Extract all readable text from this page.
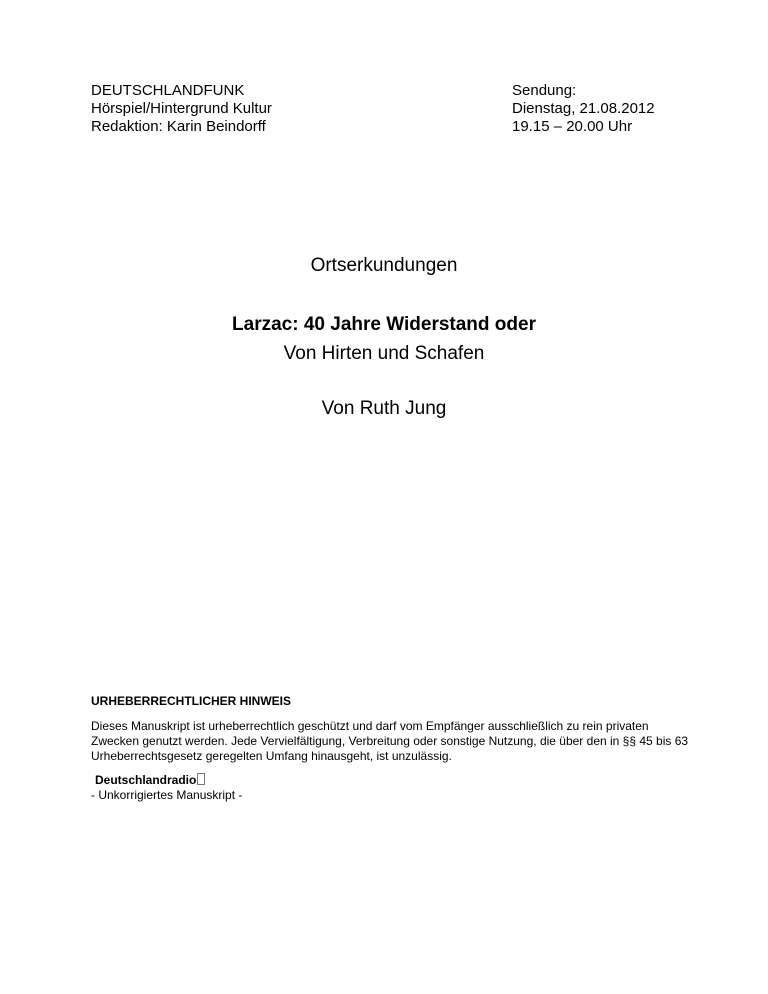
DEUTSCHLANDFUNK
Hörspiel/Hintergrund Kultur
Redaktion: Karin Beindorff
Sendung:
Dienstag, 21.08.2012
19.15 – 20.00 Uhr
Ortserkundungen
Larzac: 40 Jahre Widerstand oder
Von Hirten und Schafen
Von Ruth Jung

URHEBERRECHTLICHER HINWEIS

Dieses Manuskript ist urheberrechtlich geschützt und darf vom Empfänger ausschließlich zu rein privaten Zwecken genutzt werden. Jede Vervielfältigung, Verbreitung oder sonstige Nutzung, die über den in §§ 45 bis 63 Urheberrechtsgesetz geregelten Umfang hinausgeht, ist unzulässig.

Deutschlandradio
- Unkorrigiertes Manuskript -
